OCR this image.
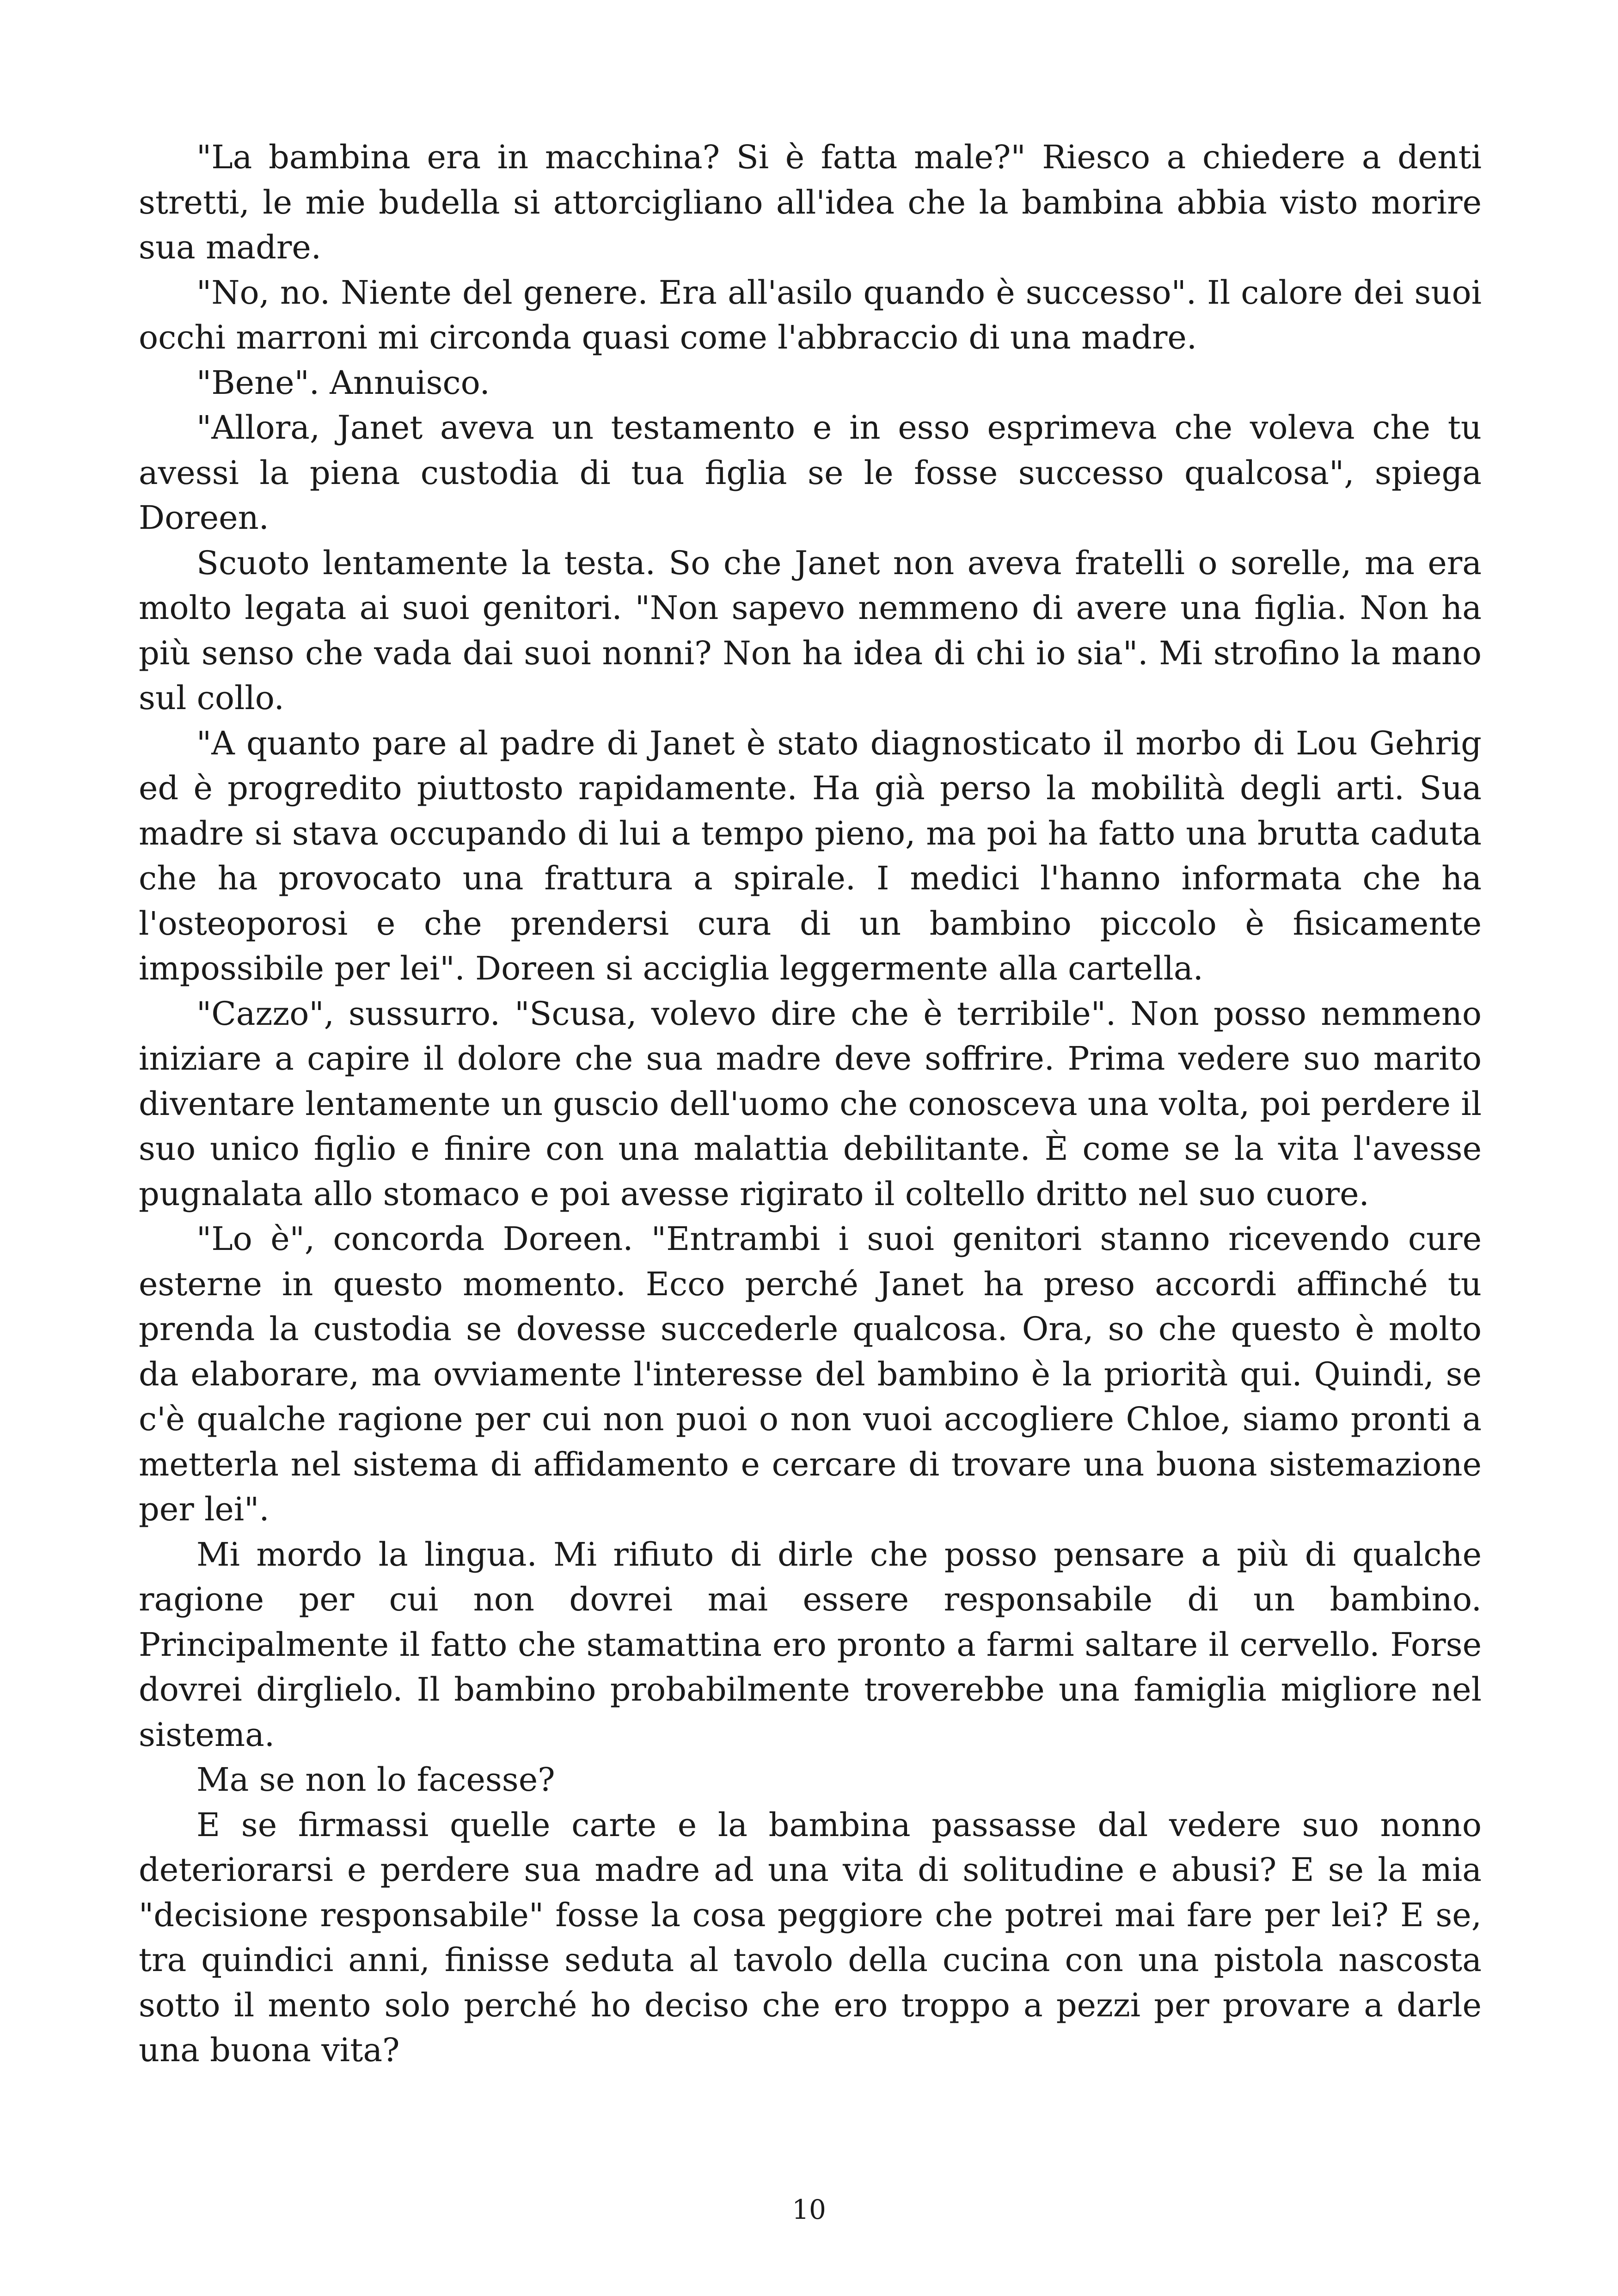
"La bambina era in macchina? Si è fatta male?" Riesco a chiedere a denti stretti, le mie budella si attorcigliano all'idea che la bambina abbia visto morire sua madre.

"No, no. Niente del genere. Era all'asilo quando è successo". Il calore dei suoi occhi marroni mi circonda quasi come l'abbraccio di una madre.

"Bene". Annuisco.

"Allora, Janet aveva un testamento e in esso esprimeva che voleva che tu avessi la piena custodia di tua figlia se le fosse successo qualcosa", spiega Doreen.

Scuoto lentamente la testa. So che Janet non aveva fratelli o sorelle, ma era molto legata ai suoi genitori. "Non sapevo nemmeno di avere una figlia. Non ha più senso che vada dai suoi nonni? Non ha idea di chi io sia". Mi strofino la mano sul collo.

"A quanto pare al padre di Janet è stato diagnosticato il morbo di Lou Gehrig ed è progredito piuttosto rapidamente. Ha già perso la mobilità degli arti. Sua madre si stava occupando di lui a tempo pieno, ma poi ha fatto una brutta caduta che ha provocato una frattura a spirale. I medici l'hanno informata che ha l'osteoporosi e che prendersi cura di un bambino piccolo è fisicamente impossibile per lei". Doreen si acciglia leggermente alla cartella.

"Cazzo", sussurro. "Scusa, volevo dire che è terribile". Non posso nemmeno iniziare a capire il dolore che sua madre deve soffrire. Prima vedere suo marito diventare lentamente un guscio dell'uomo che conosceva una volta, poi perdere il suo unico figlio e finire con una malattia debilitante. È come se la vita l'avesse pugnalata allo stomaco e poi avesse rigirato il coltello dritto nel suo cuore.

"Lo è", concorda Doreen. "Entrambi i suoi genitori stanno ricevendo cure esterne in questo momento. Ecco perché Janet ha preso accordi affinché tu prenda la custodia se dovesse succederle qualcosa. Ora, so che questo è molto da elaborare, ma ovviamente l'interesse del bambino è la priorità qui. Quindi, se c'è qualche ragione per cui non puoi o non vuoi accogliere Chloe, siamo pronti a metterla nel sistema di affidamento e cercare di trovare una buona sistemazione per lei".

Mi mordo la lingua. Mi rifiuto di dirle che posso pensare a più di qualche ragione per cui non dovrei mai essere responsabile di un bambino. Principalmente il fatto che stamattina ero pronto a farmi saltare il cervello. Forse dovrei dirglielo. Il bambino probabilmente troverebbe una famiglia migliore nel sistema.

Ma se non lo facesse?

E se firmassi quelle carte e la bambina passasse dal vedere suo nonno deteriorarsi e perdere sua madre ad una vita di solitudine e abusi? E se la mia "decisione responsabile" fosse la cosa peggiore che potrei mai fare per lei? E se, tra quindici anni, finisse seduta al tavolo della cucina con una pistola nascosta sotto il mento solo perché ho deciso che ero troppo a pezzi per provare a darle una buona vita?

10
